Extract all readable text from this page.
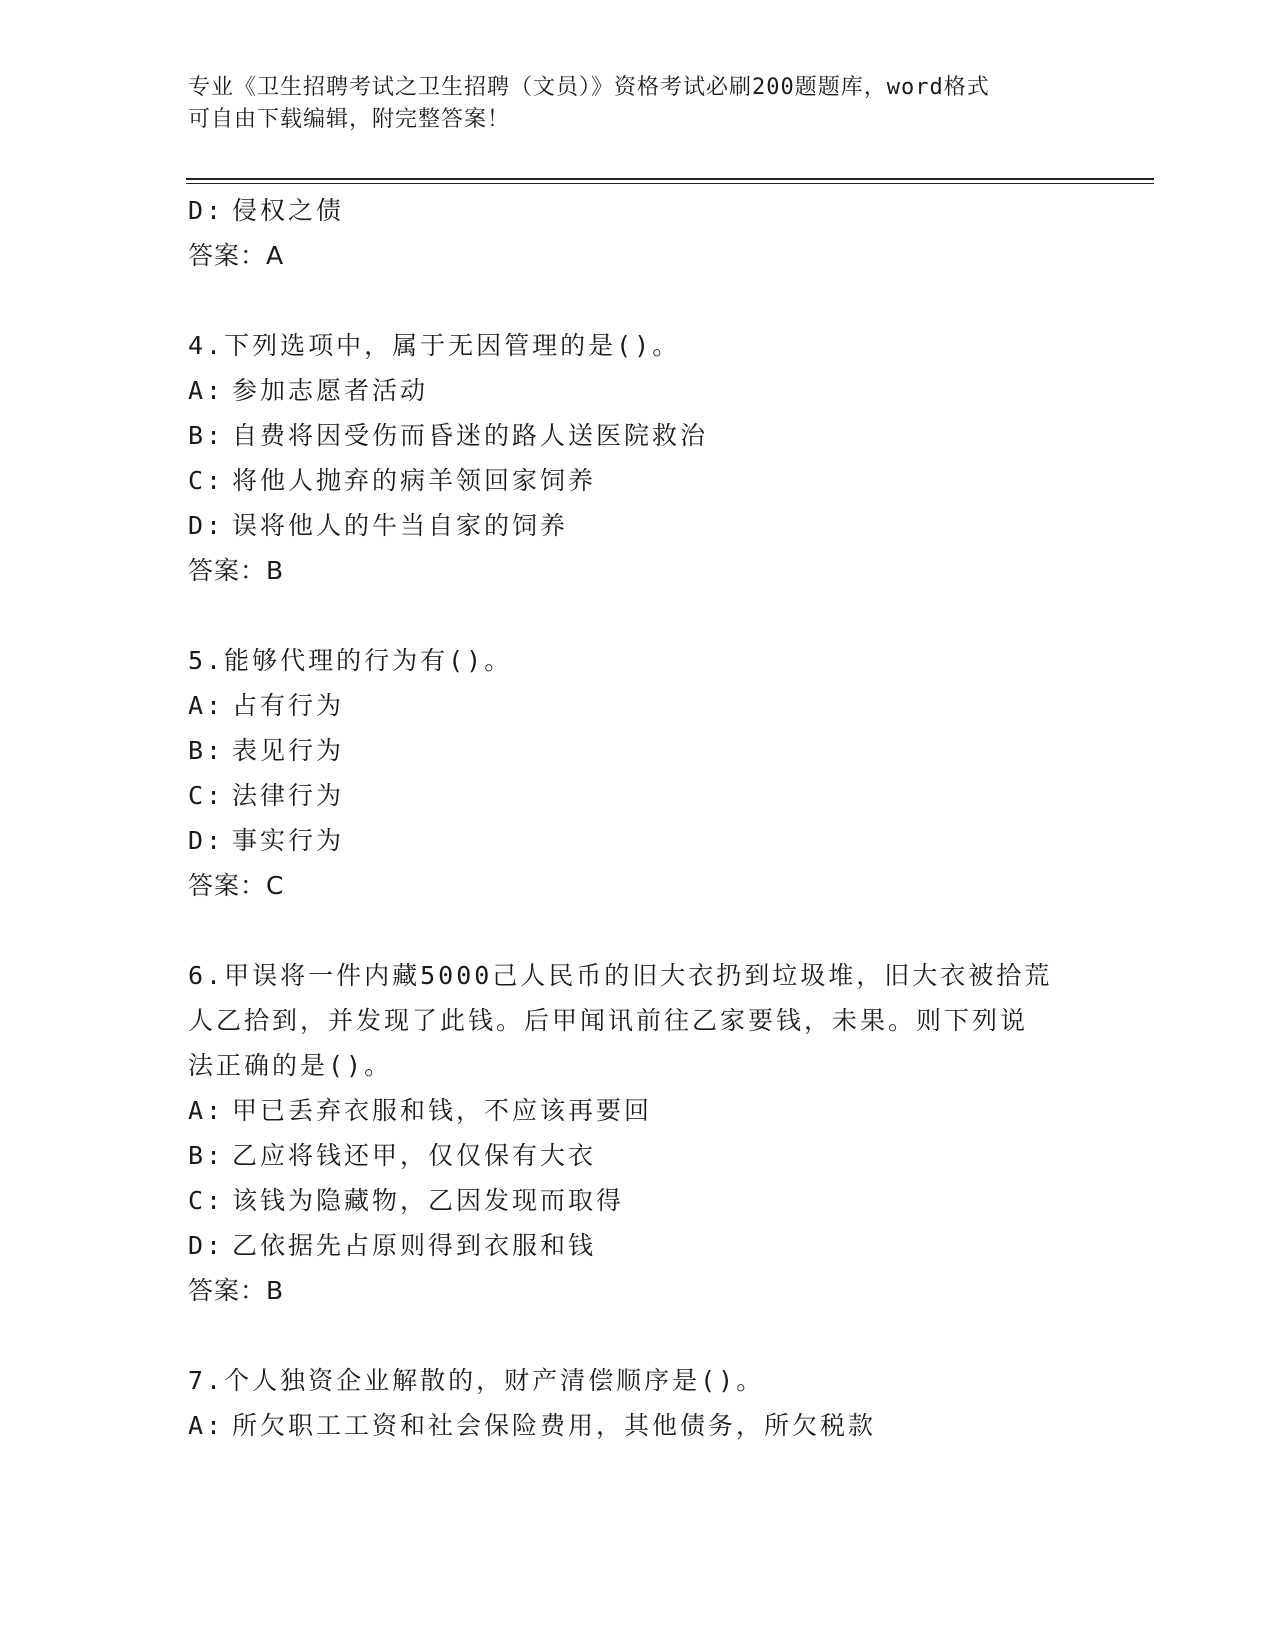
专业《卫生招聘考试之卫生招聘（文员）》资格考试必刷200题题库，word格式
可自由下载编辑，附完整答案！
D: 侵权之债
答案：A
4.下列选项中，属于无因管理的是()。
A: 参加志愿者活动
B: 自费将因受伤而昏迷的路人送医院救治
C: 将他人抛弃的病羊领回家饲养
D: 误将他人的牛当自家的饲养
答案：B
5.能够代理的行为有()。
A: 占有行为
B: 表见行为
C: 法律行为
D: 事实行为
答案：C
6.甲误将一件内藏5000己人民币的旧大衣扔到垃圾堆，旧大衣被拾荒
人乙拾到，并发现了此钱。后甲闻讯前往乙家要钱，未果。则下列说
法正确的是()。
A: 甲已丢弃衣服和钱，不应该再要回
B: 乙应将钱还甲，仅仅保有大衣
C: 该钱为隐藏物，乙因发现而取得
D: 乙依据先占原则得到衣服和钱
答案：B
7.个人独资企业解散的，财产清偿顺序是()。
A: 所欠职工工资和社会保险费用，其他债务，所欠税款
